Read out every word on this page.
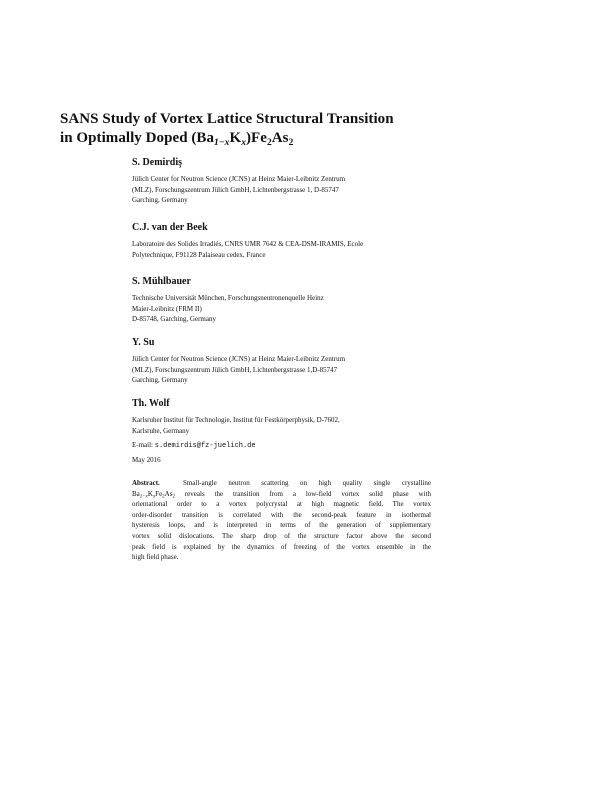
SANS Study of Vortex Lattice Structural Transition
in Optimally Doped $(Ba_{1-x}K_x)Fe_2As_2$
S. Demirdiş
Jülich Center for Neutron Science (JCNS) at Heinz Maier-Leibnitz Zentrum
(MLZ), Forschungszentrum Jülich GmbH, Lichtenbergstrasse 1, D-85747
Garching, Germany
C.J. van der Beek
Laboratoire des Solides Irradiés, CNRS UMR 7642 & CEA-DSM-IRAMIS, Ecole
Polytechnique, F91128 Palaiseau cedex, France
S. Mühlbauer
Technische Universität München, Forschungsneutronenquelle Heinz
Maier-Leibnitz (FRM II)
D-85748, Garching, Germany
Y. Su
Jülich Center for Neutron Science (JCNS) at Heinz Maier-Leibnitz Zentrum
(MLZ), Forschungszentrum Jülich GmbH, Lichtenbergstrasse 1,D-85747
Garching, Germany
Th. Wolf
Karlsruher Institut für Technologie, Institut für Festkörperphysik, D-7602,
Karlsruhe, Germany
E-mail: s.demirdis@fz-juelich.de
May 2016
Abstract.	Small-angle neutron scattering on high quality single crystalline
$Ba_{1-x}K_xFe_2As_2$ reveals the transition from a low-field vortex solid phase with
orientational order to a vortex polycrystal at high magnetic field. The vortex
order-disorder transition is correlated with the second-peak feature in isothermal
hysteresis loops, and is interpreted in terms of the generation of supplementary
vortex solid dislocations. The sharp drop of the structure factor above the second
peak field is explained by the dynamics of freezing of the vortex ensemble in the
high field phase.
